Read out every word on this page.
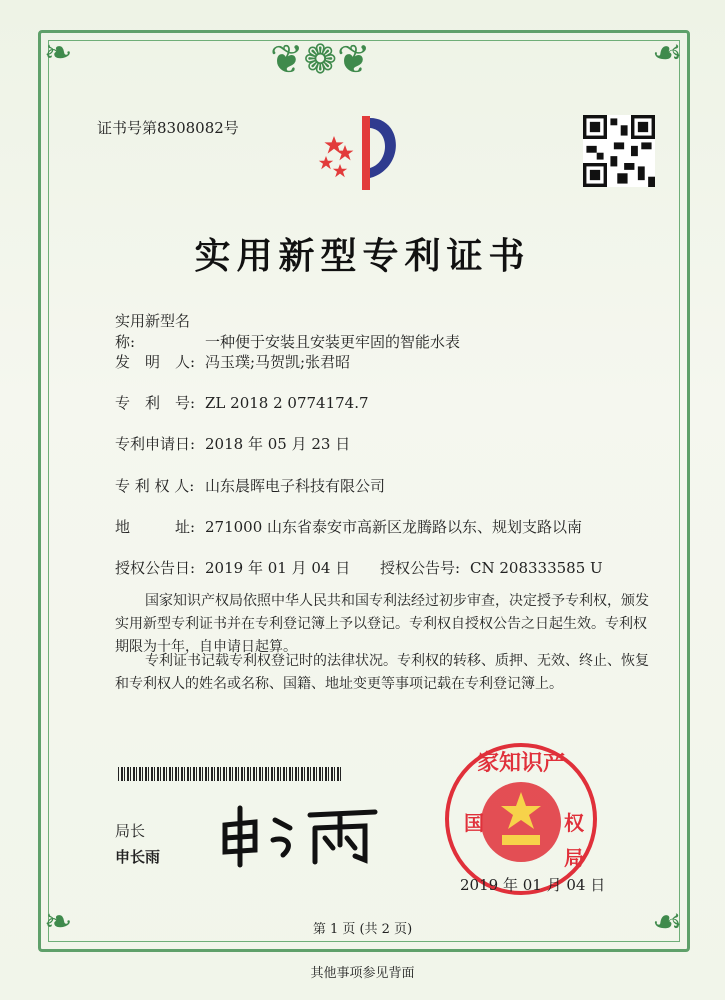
❦❁❦
❧	☙
❧	☙
证书号第8308082号
实用新型专利证书
实用新型名称:	一种便于安装且安装更牢固的智能水表
发　明　人: 冯玉璞;马贺凯;张君昭
专　利　号: ZL 2018 2 0774174.7
专利申请日: 2018 年 05 月 23 日
专 利 权 人: 山东晨晖电子科技有限公司
地　　　址: 271000 山东省泰安市高新区龙腾路以东、规划支路以南
授权公告日: 2019 年 01 月 04 日 授权公告号: CN 208333585 U
国家知识产权局依照中华人民共和国专利法经过初步审查，决定授予专利权，颁发实用新型专利证书并在专利登记簿上予以登记。专利权自授权公告之日起生效。专利权期限为十年，自申请日起算。
专利证书记载专利权登记时的法律状况。专利权的转移、质押、无效、终止、恢复和专利权人的姓名或名称、国籍、地址变更等事项记载在专利登记簿上。
局长
申长雨
家知识产
国	权
局
2019 年 01 月 04 日
第 1 页 (共 2 页)
其他事项参见背面
